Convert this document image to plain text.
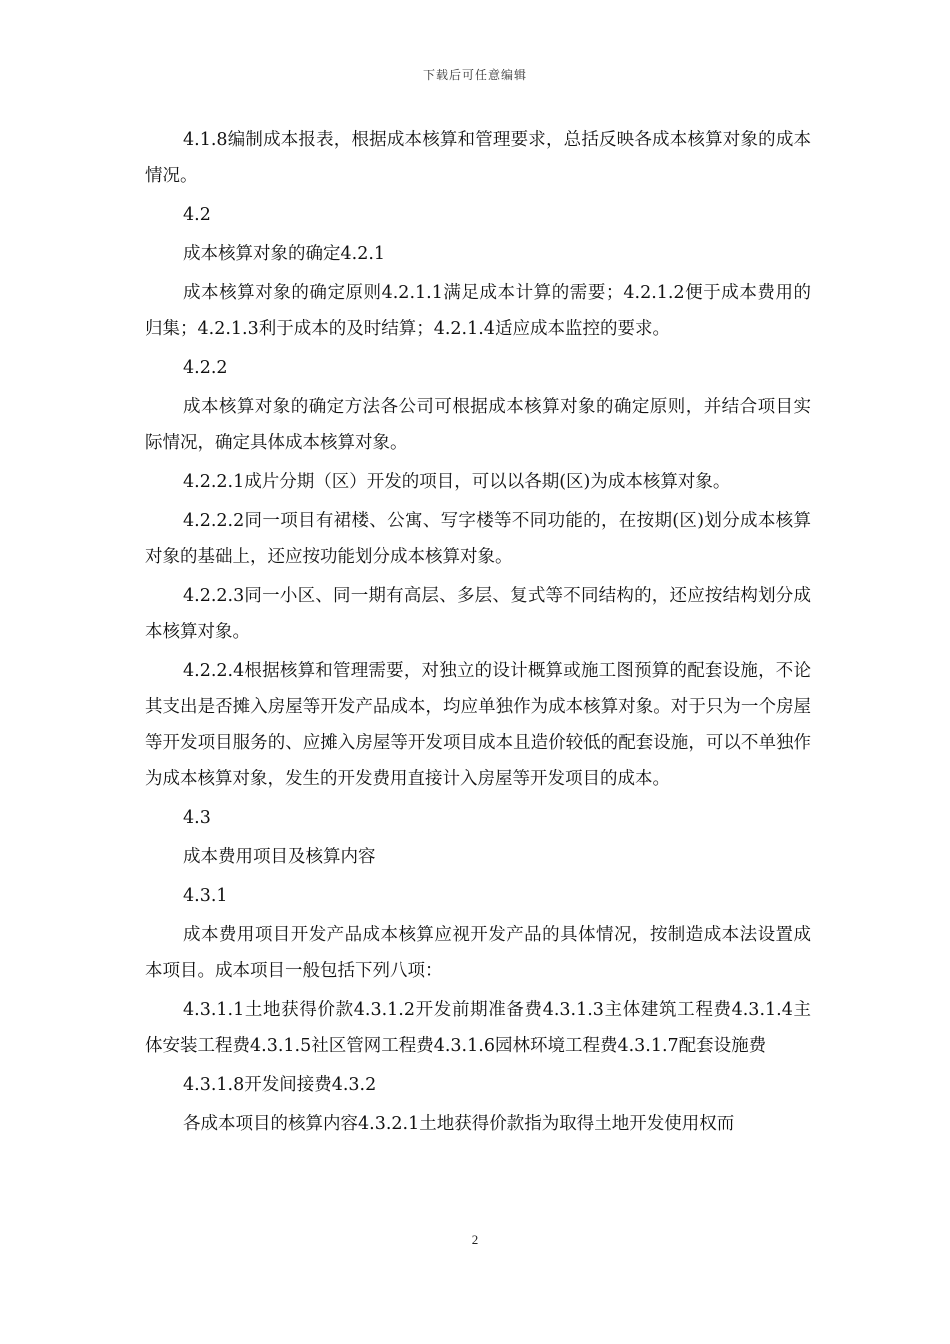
下载后可任意编辑

4.1.8编制成本报表，根据成本核算和管理要求，总括反映各成本核算对象的成本情况。

4.2

成本核算对象的确定4.2.1

成本核算对象的确定原则4.2.1.1满足成本计算的需要；4.2.1.2便于成本费用的归集；4.2.1.3利于成本的及时结算；4.2.1.4适应成本监控的要求。

4.2.2

成本核算对象的确定方法各公司可根据成本核算对象的确定原则，并结合项目实际情况，确定具体成本核算对象。

4.2.2.1成片分期（区）开发的项目，可以以各期(区)为成本核算对象。

4.2.2.2同一项目有裙楼、公寓、写字楼等不同功能的，在按期(区)划分成本核算对象的基础上，还应按功能划分成本核算对象。

4.2.2.3同一小区、同一期有高层、多层、复式等不同结构的，还应按结构划分成本核算对象。

4.2.2.4根据核算和管理需要，对独立的设计概算或施工图预算的配套设施，不论其支出是否摊入房屋等开发产品成本，均应单独作为成本核算对象。对于只为一个房屋等开发项目服务的、应摊入房屋等开发项目成本且造价较低的配套设施，可以不单独作为成本核算对象，发生的开发费用直接计入房屋等开发项目的成本。

4.3

成本费用项目及核算内容

4.3.1

成本费用项目开发产品成本核算应视开发产品的具体情况，按制造成本法设置成本项目。成本项目一般包括下列八项：

4.3.1.1土地获得价款4.3.1.2开发前期准备费4.3.1.3主体建筑工程费4.3.1.4主体安装工程费4.3.1.5社区管网工程费4.3.1.6园林环境工程费4.3.1.7配套设施费

4.3.1.8开发间接费4.3.2

各成本项目的核算内容4.3.2.1土地获得价款指为取得土地开发使用权而

2
